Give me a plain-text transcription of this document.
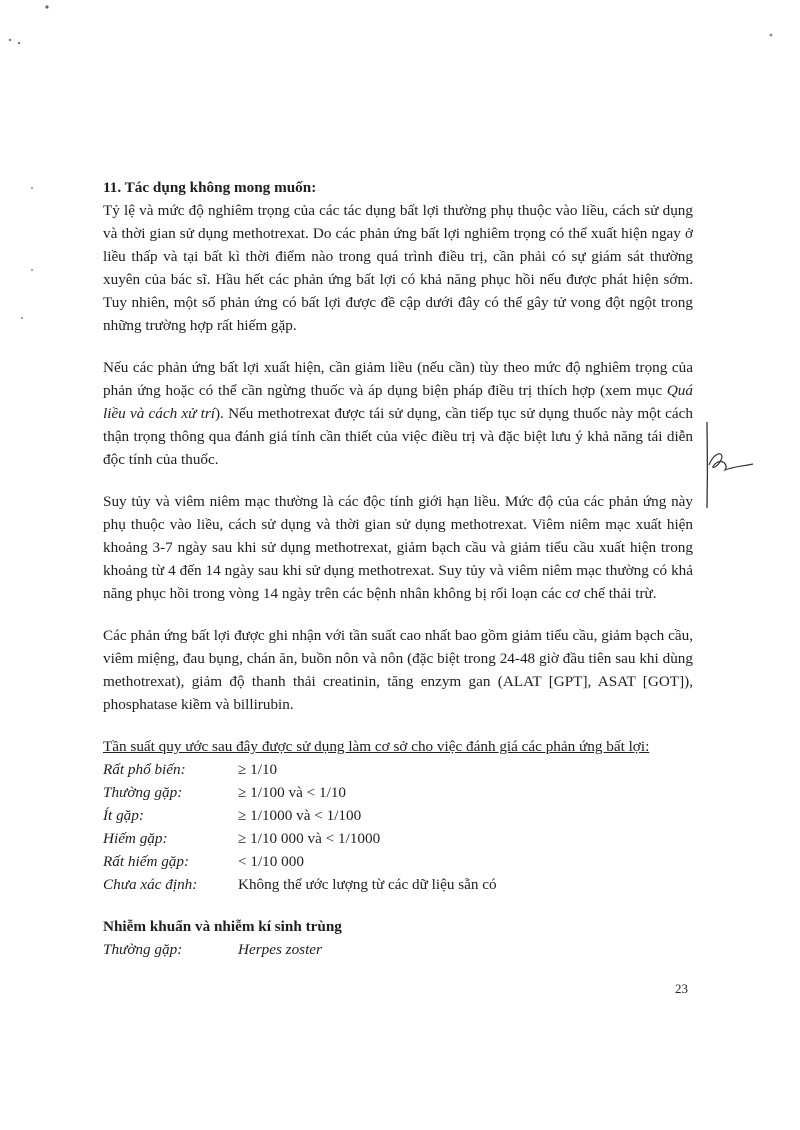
11. Tác dụng không mong muốn:

Tỷ lệ và mức độ nghiêm trọng của các tác dụng bất lợi thường phụ thuộc vào liều, cách sử dụng và thời gian sử dụng methotrexat. Do các phản ứng bất lợi nghiêm trọng có thể xuất hiện ngay ở liều thấp và tại bất kì thời điểm nào trong quá trình điều trị, cần phải có sự giám sát thường xuyên của bác sĩ. Hầu hết các phản ứng bất lợi có khả năng phục hồi nếu được phát hiện sớm. Tuy nhiên, một số phản ứng có bất lợi được đề cập dưới đây có thể gây tử vong đột ngột trong những trường hợp rất hiếm gặp.

Nếu các phản ứng bất lợi xuất hiện, cần giảm liều (nếu cần) tùy theo mức độ nghiêm trọng của phản ứng hoặc có thể cần ngừng thuốc và áp dụng biện pháp điều trị thích hợp (xem mục Quá liều và cách xử trí). Nếu methotrexat được tái sử dụng, cần tiếp tục sử dụng thuốc này một cách thận trọng thông qua đánh giá tính cần thiết của việc điều trị và đặc biệt lưu ý khả năng tái diễn độc tính của thuốc.

Suy tủy và viêm niêm mạc thường là các độc tính giới hạn liều. Mức độ của các phản ứng này phụ thuộc vào liều, cách sử dụng và thời gian sử dụng methotrexat. Viêm niêm mạc xuất hiện khoảng 3-7 ngày sau khi sử dụng methotrexat, giảm bạch cầu và giảm tiểu cầu xuất hiện trong khoảng từ 4 đến 14 ngày sau khi sử dụng methotrexat. Suy tủy và viêm niêm mạc thường có khả năng phục hồi trong vòng 14 ngày trên các bệnh nhân không bị rối loạn các cơ chế thải trừ.

Các phản ứng bất lợi được ghi nhận với tần suất cao nhất bao gồm giảm tiểu cầu, giảm bạch cầu, viêm miệng, đau bụng, chán ăn, buồn nôn và nôn (đặc biệt trong 24-48 giờ đầu tiên sau khi dùng methotrexat), giảm độ thanh thải creatinin, tăng enzym gan (ALAT [GPT], ASAT [GOT]), phosphatase kiềm và billirubin.

Tần suất quy ước sau đây được sử dụng làm cơ sở cho việc đánh giá các phản ứng bất lợi:

Rất phổ biến:	≥ 1/10
Thường gặp:	≥ 1/100 và < 1/10
Ít gặp:	≥ 1/1000 và < 1/100
Hiếm gặp:	≥ 1/10 000 và < 1/1000
Rất hiếm gặp:	< 1/10 000
Chưa xác định:	Không thể ước lượng từ các dữ liệu sẵn có

Nhiễm khuẩn và nhiễm kí sinh trùng

Thường gặp:	Herpes zoster
23
